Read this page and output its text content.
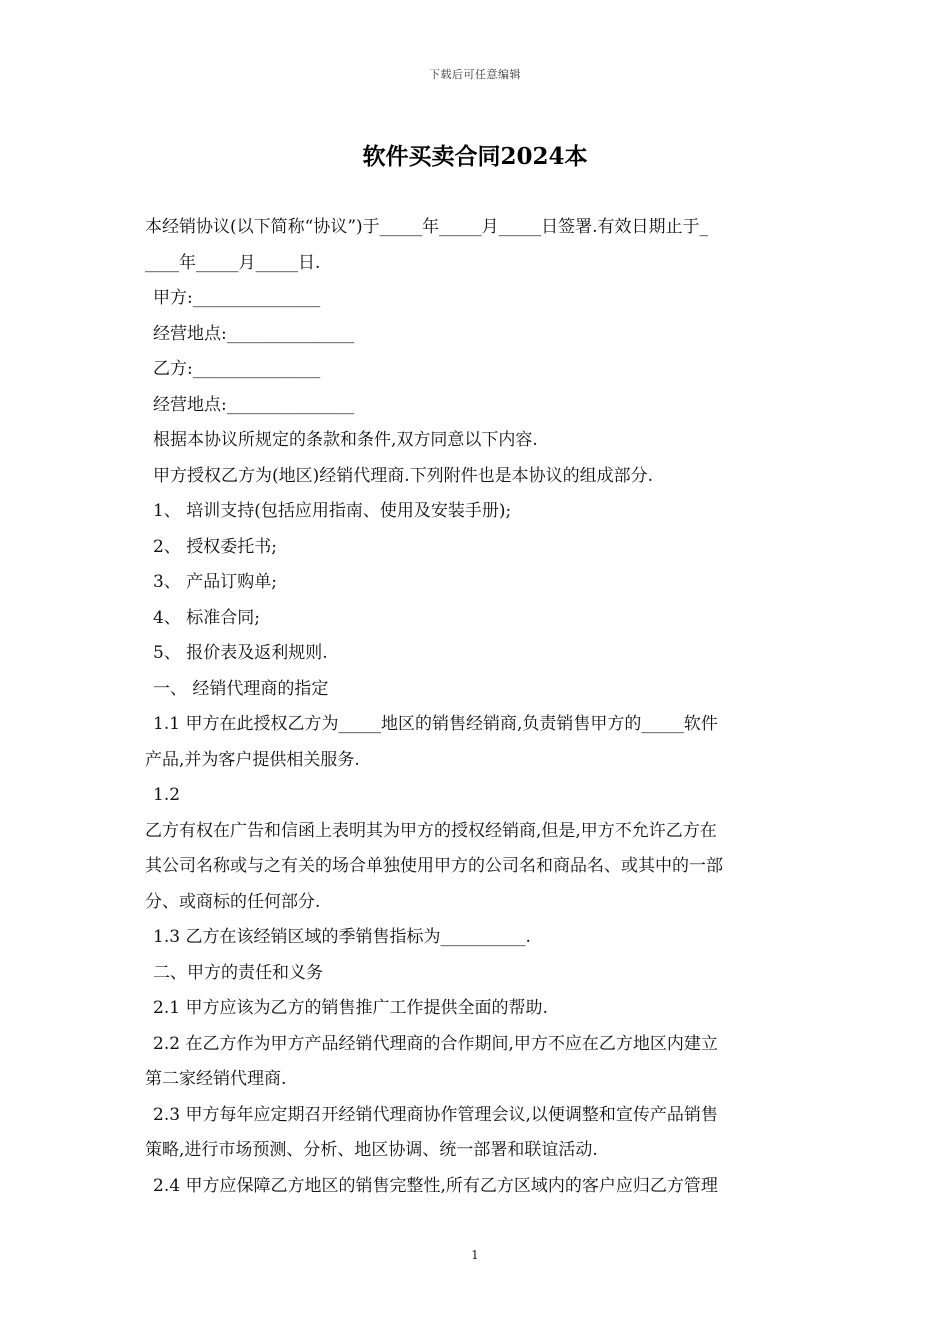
下载后可任意编辑
软件买卖合同2024本
本经销协议(以下简称“协议”)于_____年_____月_____日签署.有效日期止于_
____年_____月_____日.
甲方:_______________
经营地点:_______________
乙方:_______________
经营地点:_______________
根据本协议所规定的条款和条件,双方同意以下内容.
甲方授权乙方为(地区)经销代理商.下列附件也是本协议的组成部分.
1、 培训支持(包括应用指南、使用及安装手册);
2、 授权委托书;
3、 产品订购单;
4、 标准合同;
5、 报价表及返利规则.
一、 经销代理商的指定
1.1 甲方在此授权乙方为_____地区的销售经销商,负责销售甲方的_____软件
产品,并为客户提供相关服务.
1.2
乙方有权在广告和信函上表明其为甲方的授权经销商,但是,甲方不允许乙方在
其公司名称或与之有关的场合单独使用甲方的公司名和商品名、或其中的一部
分、或商标的任何部分.
1.3 乙方在该经销区域的季销售指标为__________.
二、甲方的责任和义务
2.1 甲方应该为乙方的销售推广工作提供全面的帮助.
2.2 在乙方作为甲方产品经销代理商的合作期间,甲方不应在乙方地区内建立
第二家经销代理商.
2.3 甲方每年应定期召开经销代理商协作管理会议,以便调整和宣传产品销售
策略,进行市场预测、分析、地区协调、统一部署和联谊活动.
2.4 甲方应保障乙方地区的销售完整性,所有乙方区域内的客户应归乙方管理
1
